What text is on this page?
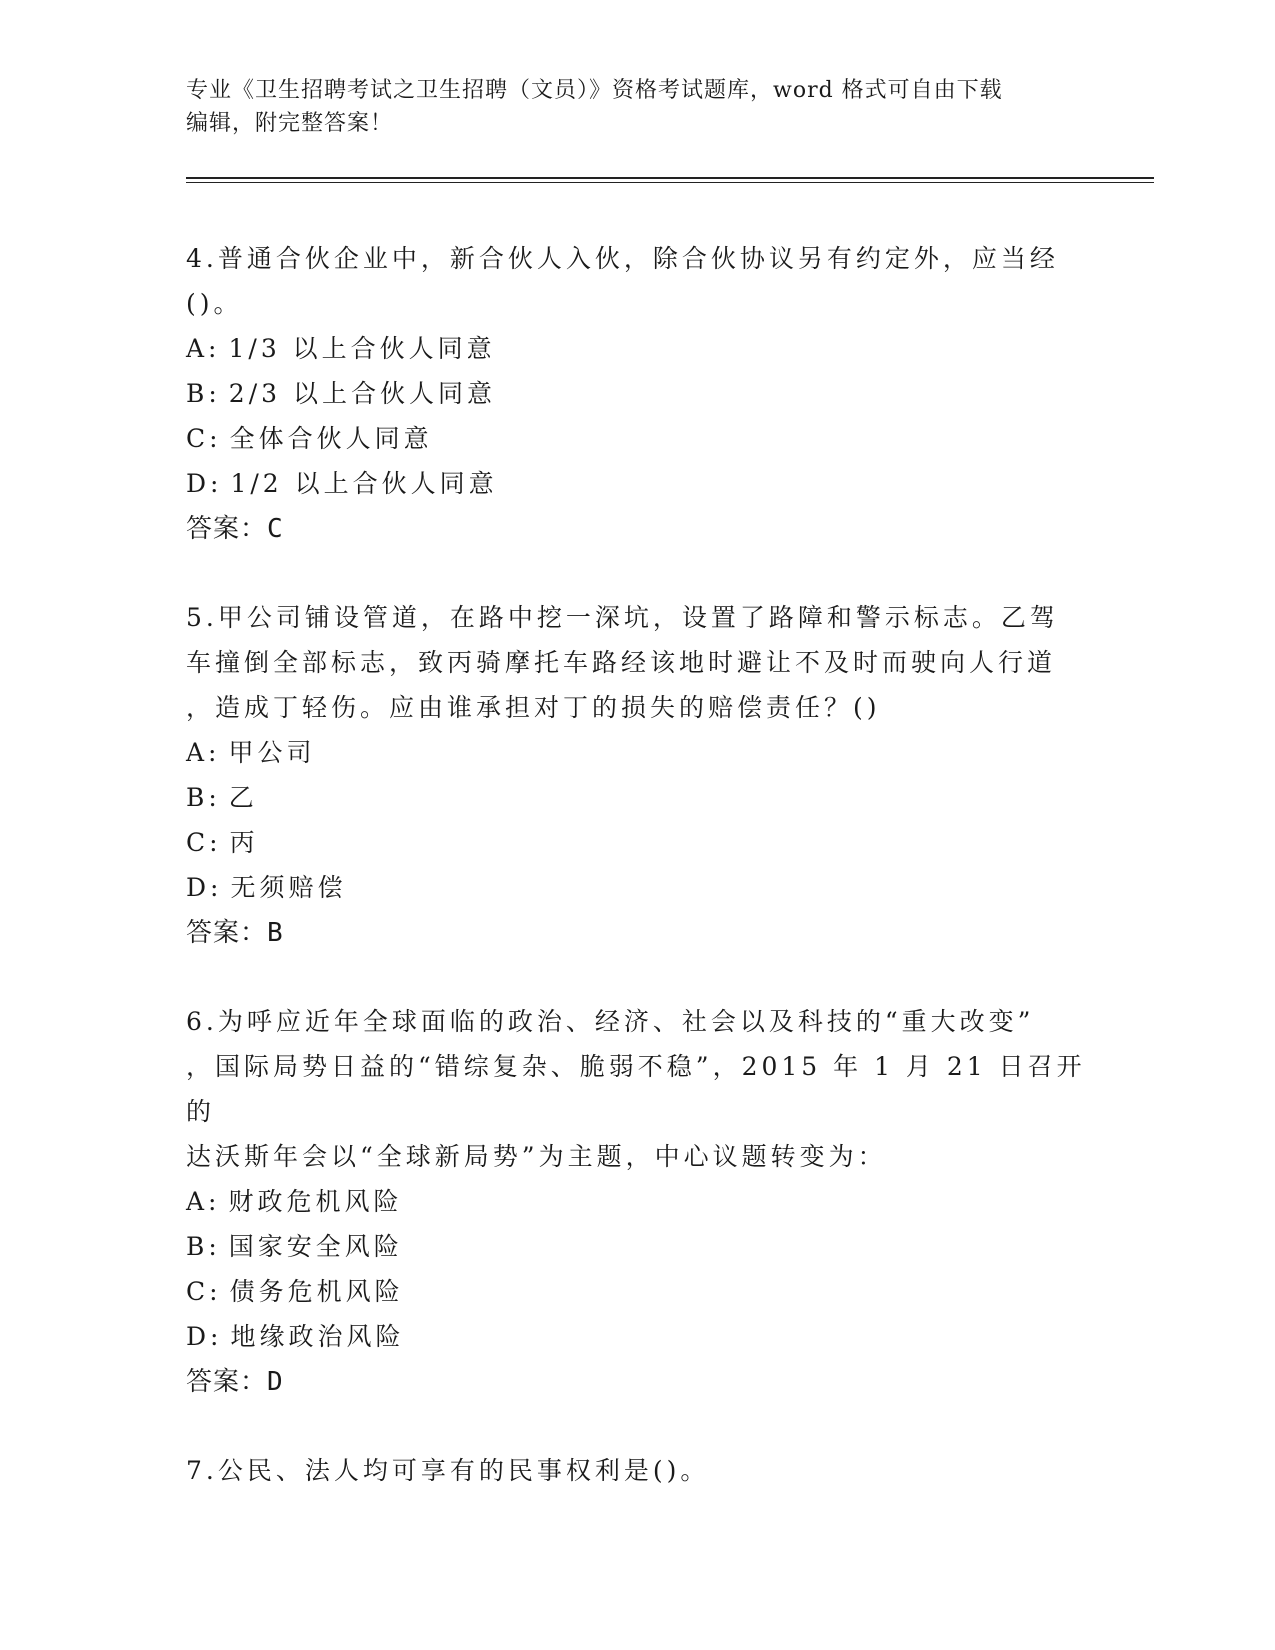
专业《卫生招聘考试之卫生招聘（文员）》资格考试题库，word 格式可自由下载
编辑，附完整答案！

4.普通合伙企业中，新合伙人入伙，除合伙协议另有约定外，应当经
()。

A: 1/3 以上合伙人同意
B: 2/3 以上合伙人同意
C: 全体合伙人同意
D: 1/2 以上合伙人同意
答案：C

5.甲公司铺设管道，在路中挖一深坑，设置了路障和警示标志。乙驾
车撞倒全部标志，致丙骑摩托车路经该地时避让不及时而驶向人行道
，造成丁轻伤。应由谁承担对丁的损失的赔偿责任？()

A: 甲公司
B: 乙
C: 丙
D: 无须赔偿
答案：B

6.为呼应近年全球面临的政治、经济、社会以及科技的“重大改变”
，国际局势日益的“错综复杂、脆弱不稳”，2015 年 1 月 21 日召开的
达沃斯年会以“全球新局势”为主题，中心议题转变为：

A: 财政危机风险
B: 国家安全风险
C: 债务危机风险
D: 地缘政治风险
答案：D

7.公民、法人均可享有的民事权利是()。
